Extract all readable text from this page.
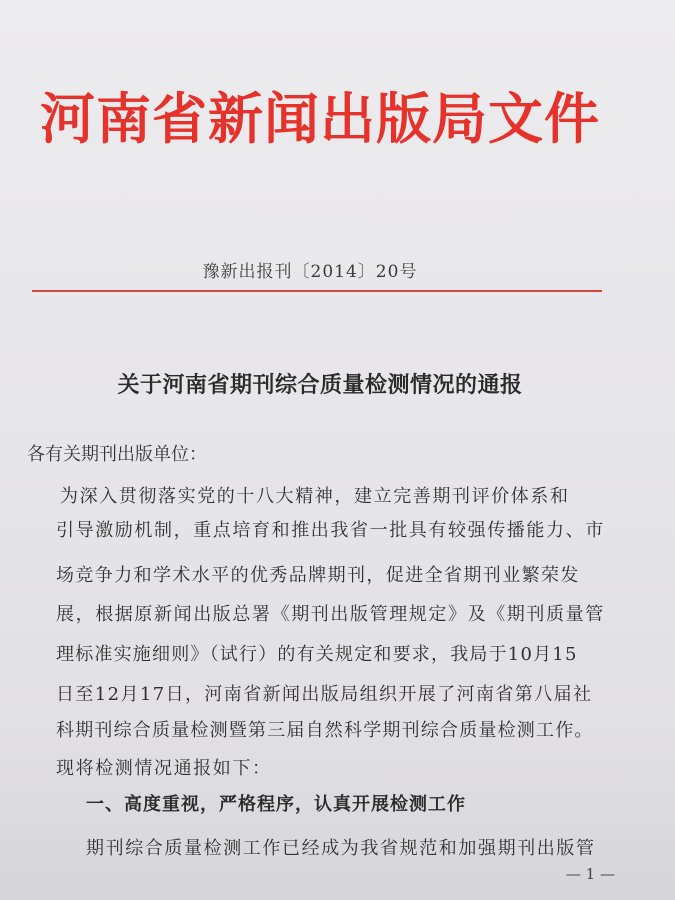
河南省新闻出版局文件
豫新出报刊〔2014〕20号
关于河南省期刊综合质量检测情况的通报
各有关期刊出版单位：
为深入贯彻落实党的十八大精神，建立完善期刊评价体系和
引导激励机制，重点培育和推出我省一批具有较强传播能力、市
场竞争力和学术水平的优秀品牌期刊，促进全省期刊业繁荣发
展，根据原新闻出版总署《期刊出版管理规定》及《期刊质量管
理标准实施细则》（试行）的有关规定和要求，我局于10月15
日至12月17日，河南省新闻出版局组织开展了河南省第八届社
科期刊综合质量检测暨第三届自然科学期刊综合质量检测工作。
现将检测情况通报如下：
一、高度重视，严格程序，认真开展检测工作
期刊综合质量检测工作已经成为我省规范和加强期刊出版管
— 1 —
